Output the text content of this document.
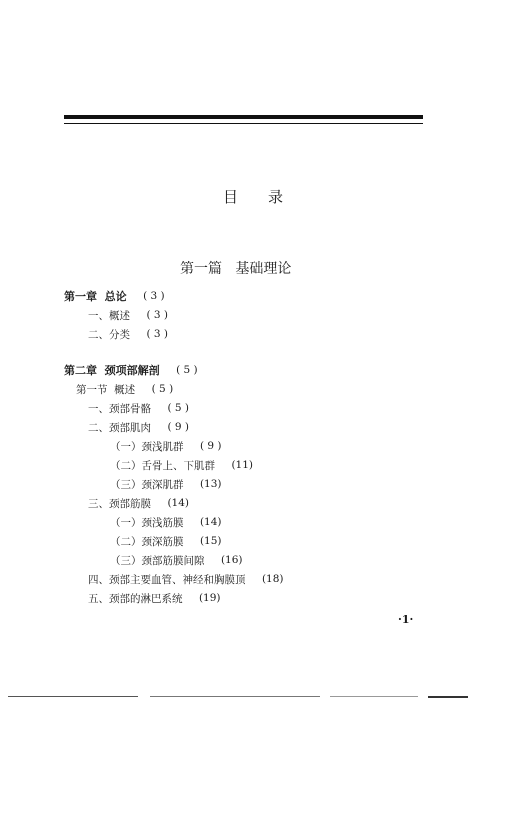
目录
第一篇   基础理论
第一章  总论	( 3 )
一、概述	( 3 )
二、分类	( 3 )
第二章  颈项部解剖	( 5 )
第一节  概述	( 5 )
一、颈部骨骼	( 5 )
二、颈部肌肉	( 9 )
（一）颈浅肌群	( 9 )
（二）舌骨上、下肌群	(11)
（三）颈深肌群	(13)
三、颈部筋膜	(14)
（一）颈浅筋膜	(14)
（二）颈深筋膜	(15)
（三）颈部筋膜间隙	(16)
四、颈部主要血管、神经和胸膜顶	(18)
五、颈部的淋巴系统	(19)
·1·
